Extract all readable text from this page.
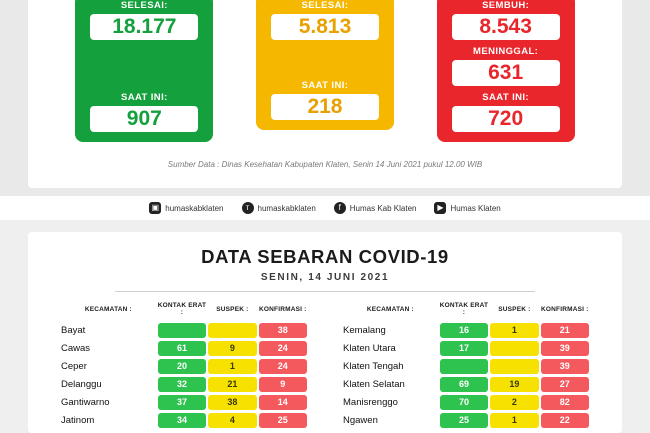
SELESAI:
18.177
SAAT INI:
907
SELESAI:
5.813
SAAT INI:
218
SEMBUH:
8.543
MENINGGAL:
631
SAAT INI:
720
Sumber Data : Dinas Kesehatan Kabupaten Klaten, Senin 14 Juni 2021 pukul 12.00 WIB
▣ humaskabklaten	ᴛ	humaskabklaten	f	Humas Kab Klaten	▶ Humas Klaten
DATA SEBARAN COVID-19
SENIN, 14 JUNI 2021
KECAMATAN :	KONTAK ERAT :	SUSPEK :	KONFIRMASI :
Bayat			38

Cawas	61	9	24

Ceper	20	1	24

Delanggu	32	21	9

Gantiwarno	37	38	14

Jatinom	34	4	25
KECAMATAN :	KONTAK ERAT :	SUSPEK :	KONFIRMASI :
Kemalang	16	1	21

Klaten Utara	17		39

Klaten Tengah			39

Klaten Selatan	69	19	27

Manisrenggo	70	2	82

Ngawen	25	1	22
